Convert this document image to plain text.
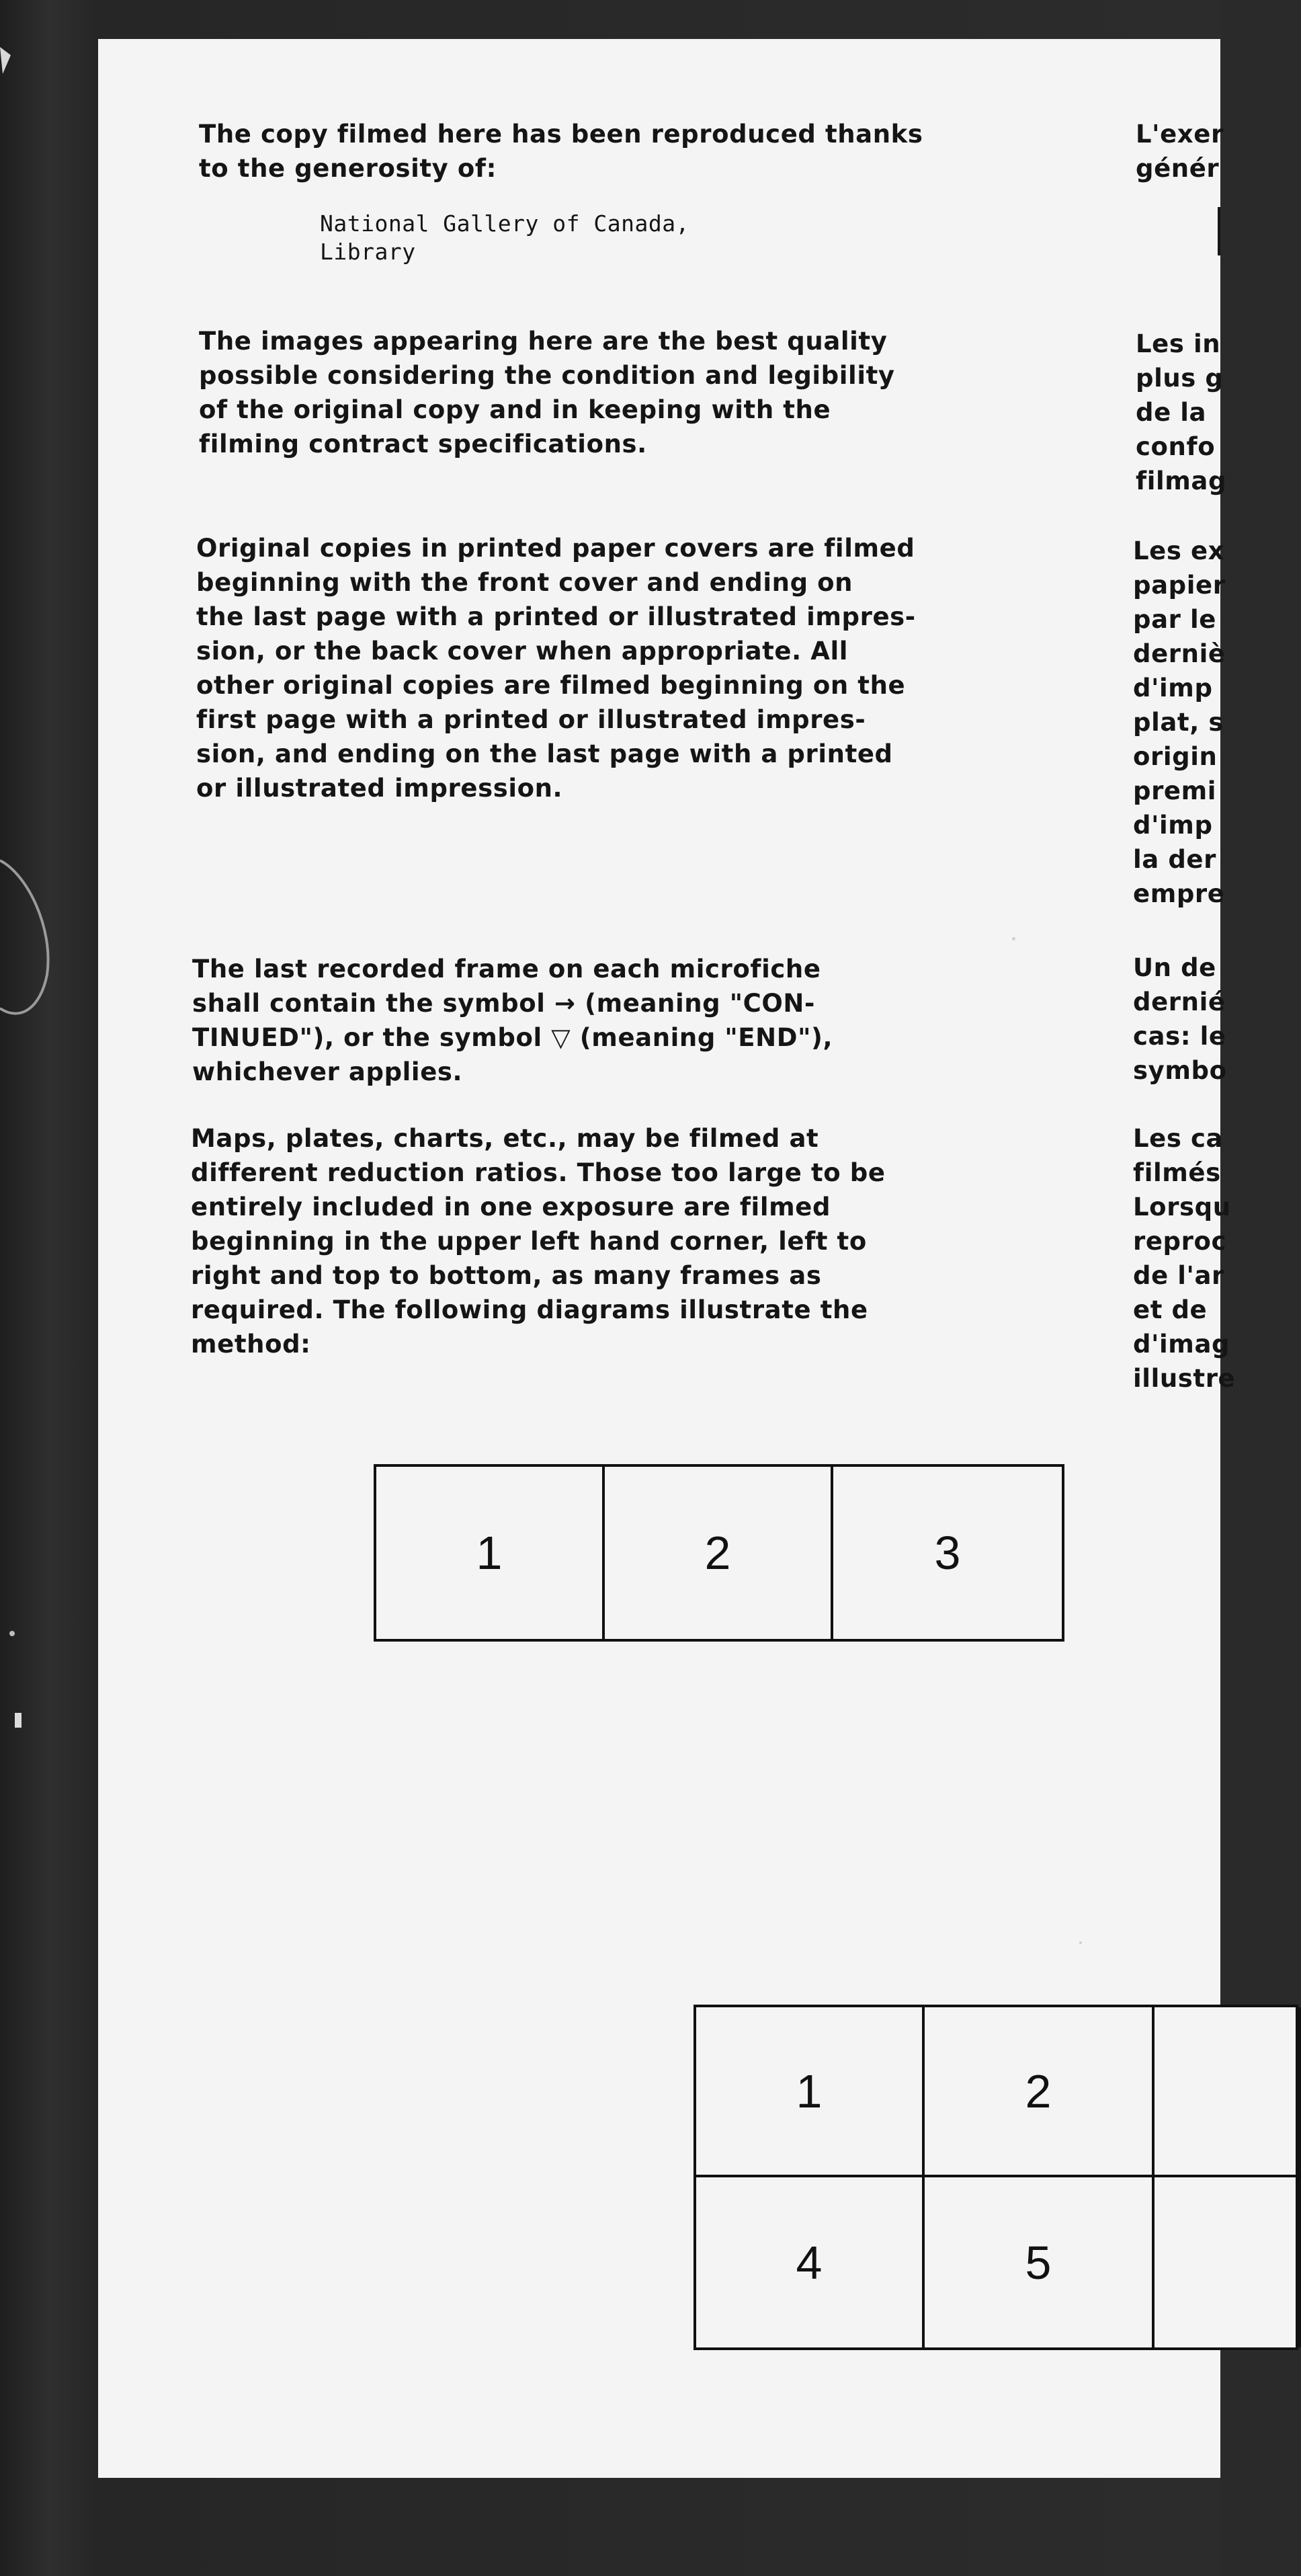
The copy filmed here has been reproduced thanks
to the generosity of:
National Gallery of Canada,
Library
The images appearing here are the best quality
possible considering the condition and legibility
of the original copy and in keeping with the
filming contract specifications.
Original copies in printed paper covers are filmed
beginning with the front cover and ending on
the last page with a printed or illustrated impres-
sion, or the back cover when appropriate. All
other original copies are filmed beginning on the
first page with a printed or illustrated impres-
sion, and ending on the last page with a printed
or illustrated impression.
The last recorded frame on each microfiche
shall contain the symbol → (meaning "CON-
TINUED"), or the symbol ▽ (meaning "END"),
whichever applies.
Maps, plates, charts, etc., may be filmed at
different reduction ratios. Those too large to be
entirely included in one exposure are filmed
beginning in the upper left hand corner, left to
right and top to bottom, as many frames as
required. The following diagrams illustrate the
method:
L'exer
génér
Les in
plus g
de la
confo
filmag
Les ex
papier
par le
derniè
d'imp
plat, s
origin
premi
d'imp
la der
empre
Un de
dernié
cas: le
symbo
Les ca
filmés
Lorsqu
reproc
de l'ar
et de
d'imag
illustre
1	2	3
1	2
4	5
